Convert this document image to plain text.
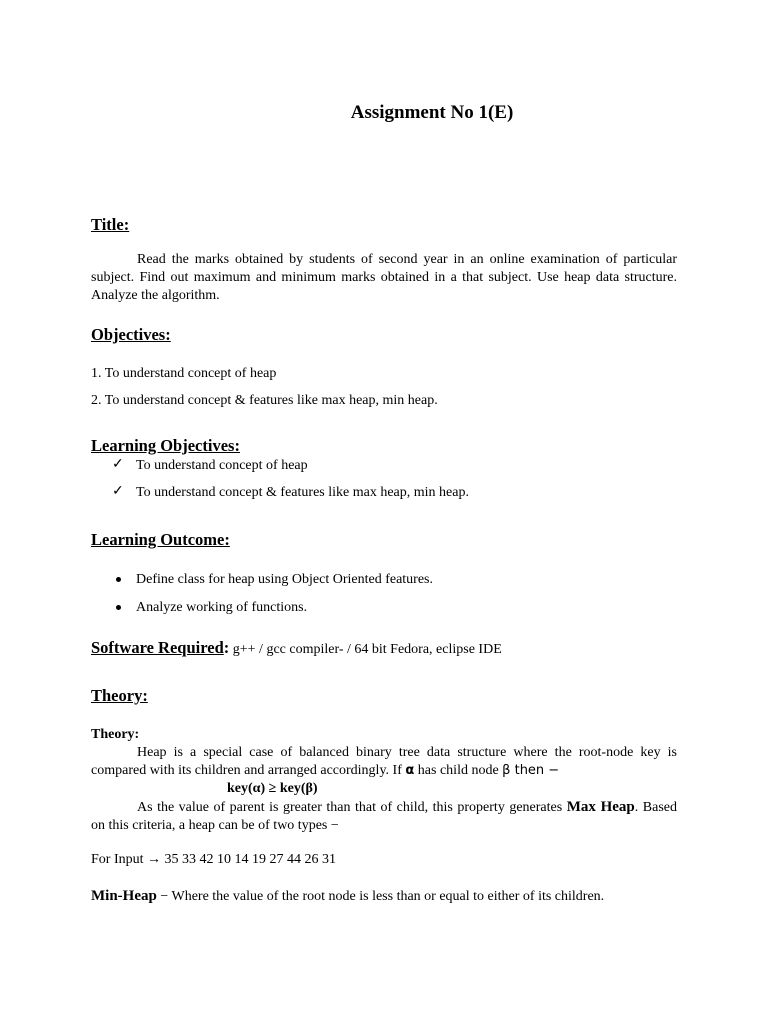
Assignment No 1(E)
Title:
Read the marks obtained by students of second year in an online examination of particular subject. Find out maximum and minimum marks obtained in a that subject. Use heap data structure. Analyze the algorithm.
Objectives:
1. To understand concept of heap
2. To understand concept & features like max heap, min heap.
Learning Objectives:
✓ To understand concept of heap
✓ To understand concept & features like max heap, min heap.
Learning Outcome:
Define class for heap using Object Oriented features.
Analyze working of functions.
Software Required: g++ / gcc compiler- / 64 bit Fedora, eclipse IDE
Theory:
Theory:
Heap is a special case of balanced binary tree data structure where the root-node key is compared with its children and arranged accordingly. If α has child node β then −
key(α) ≥ key(β)
As the value of parent is greater than that of child, this property generates Max Heap. Based on this criteria, a heap can be of two types −
For Input → 35 33 42 10 14 19 27 44 26 31
Min-Heap − Where the value of the root node is less than or equal to either of its children.
